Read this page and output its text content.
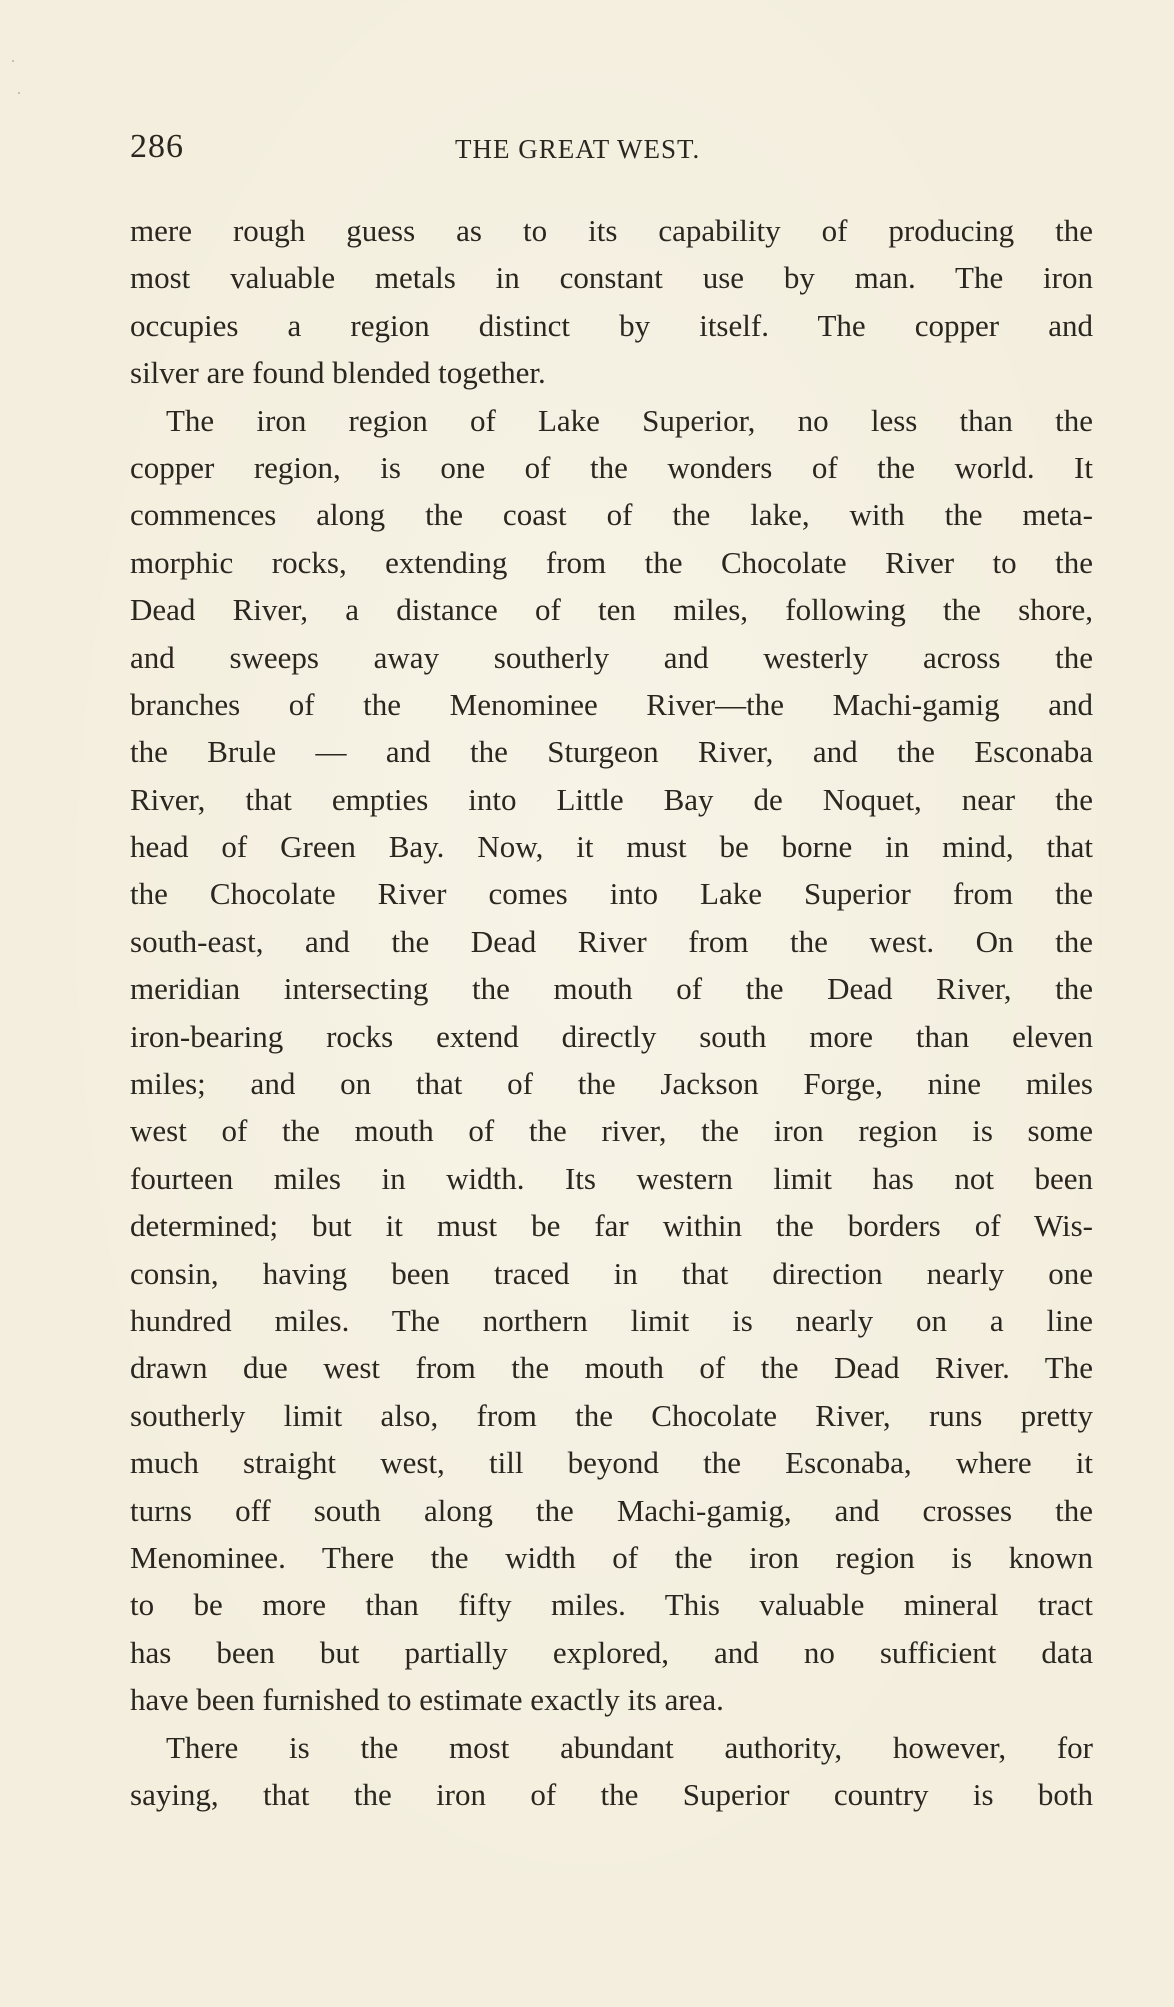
286	THE GREAT WEST.
mere rough guess as to its capability of producing the
most valuable metals in constant use by man. The iron
occupies a region distinct by itself. The copper and
silver are found blended together.
The iron region of Lake Superior, no less than the
copper region, is one of the wonders of the world. It
commences along the coast of the lake, with the meta-
morphic rocks, extending from the Chocolate River to the
Dead River, a distance of ten miles, following the shore,
and sweeps away southerly and westerly across the
branches of the Menominee River—the Machi-gamig and
the Brule — and the Sturgeon River, and the Esconaba
River, that empties into Little Bay de Noquet, near the
head of Green Bay. Now, it must be borne in mind, that
the Chocolate River comes into Lake Superior from the
south-east, and the Dead River from the west. On the
meridian intersecting the mouth of the Dead River, the
iron-bearing rocks extend directly south more than eleven
miles; and on that of the Jackson Forge, nine miles
west of the mouth of the river, the iron region is some
fourteen miles in width. Its western limit has not been
determined; but it must be far within the borders of Wis-
consin, having been traced in that direction nearly one
hundred miles. The northern limit is nearly on a line
drawn due west from the mouth of the Dead River. The
southerly limit also, from the Chocolate River, runs pretty
much straight west, till beyond the Esconaba, where it
turns off south along the Machi-gamig, and crosses the
Menominee. There the width of the iron region is known
to be more than fifty miles. This valuable mineral tract
has been but partially explored, and no sufficient data
have been furnished to estimate exactly its area.
There is the most abundant authority, however, for
saying, that the iron of the Superior country is both
